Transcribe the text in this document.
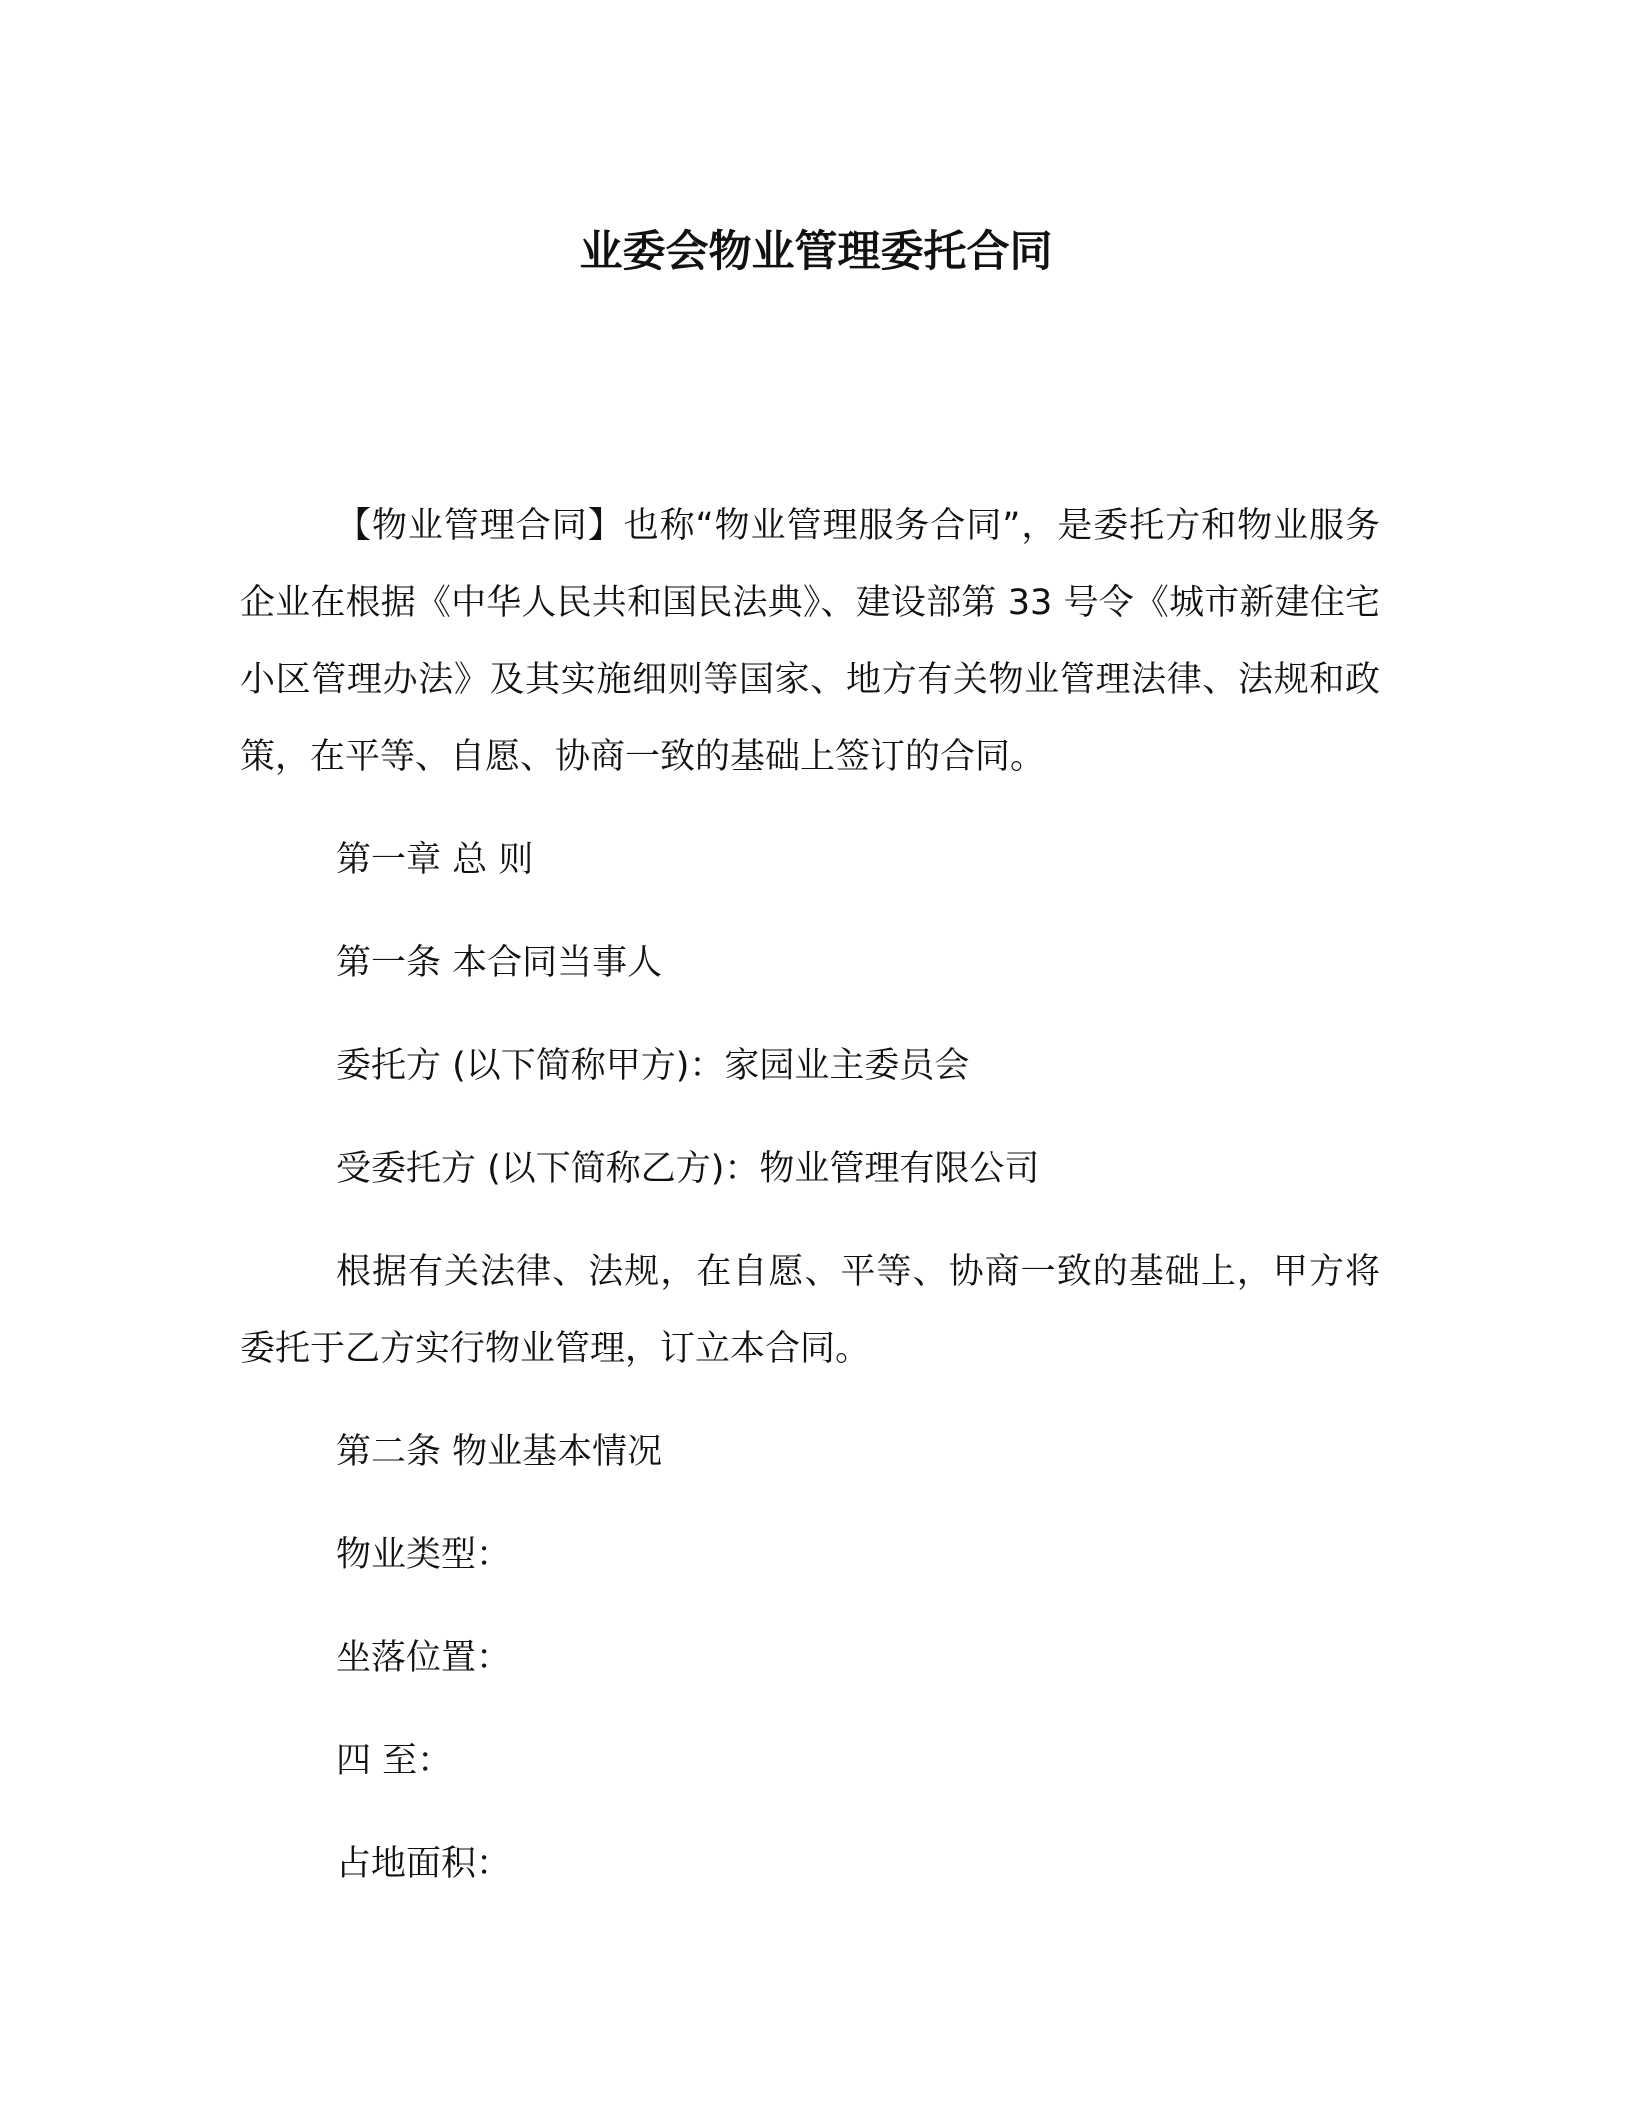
业委会物业管理委托合同

【物业管理合同】也称“物业管理服务合同”，是委托方和物业服务企业在根据《中华人民共和国民法典》、建设部第 33 号令《城市新建住宅小区管理办法》及其实施细则等国家、地方有关物业管理法律、法规和政策，在平等、自愿、协商一致的基础上签订的合同。

第一章 总 则
第一条 本合同当事人
委托方 (以下简称甲方)：家园业主委员会
受委托方 (以下简称乙方)：物业管理有限公司

根据有关法律、法规，在自愿、平等、协商一致的基础上，甲方将委托于乙方实行物业管理，订立本合同。

第二条 物业基本情况
物业类型：
坐落位置：
四 至：
占地面积：
